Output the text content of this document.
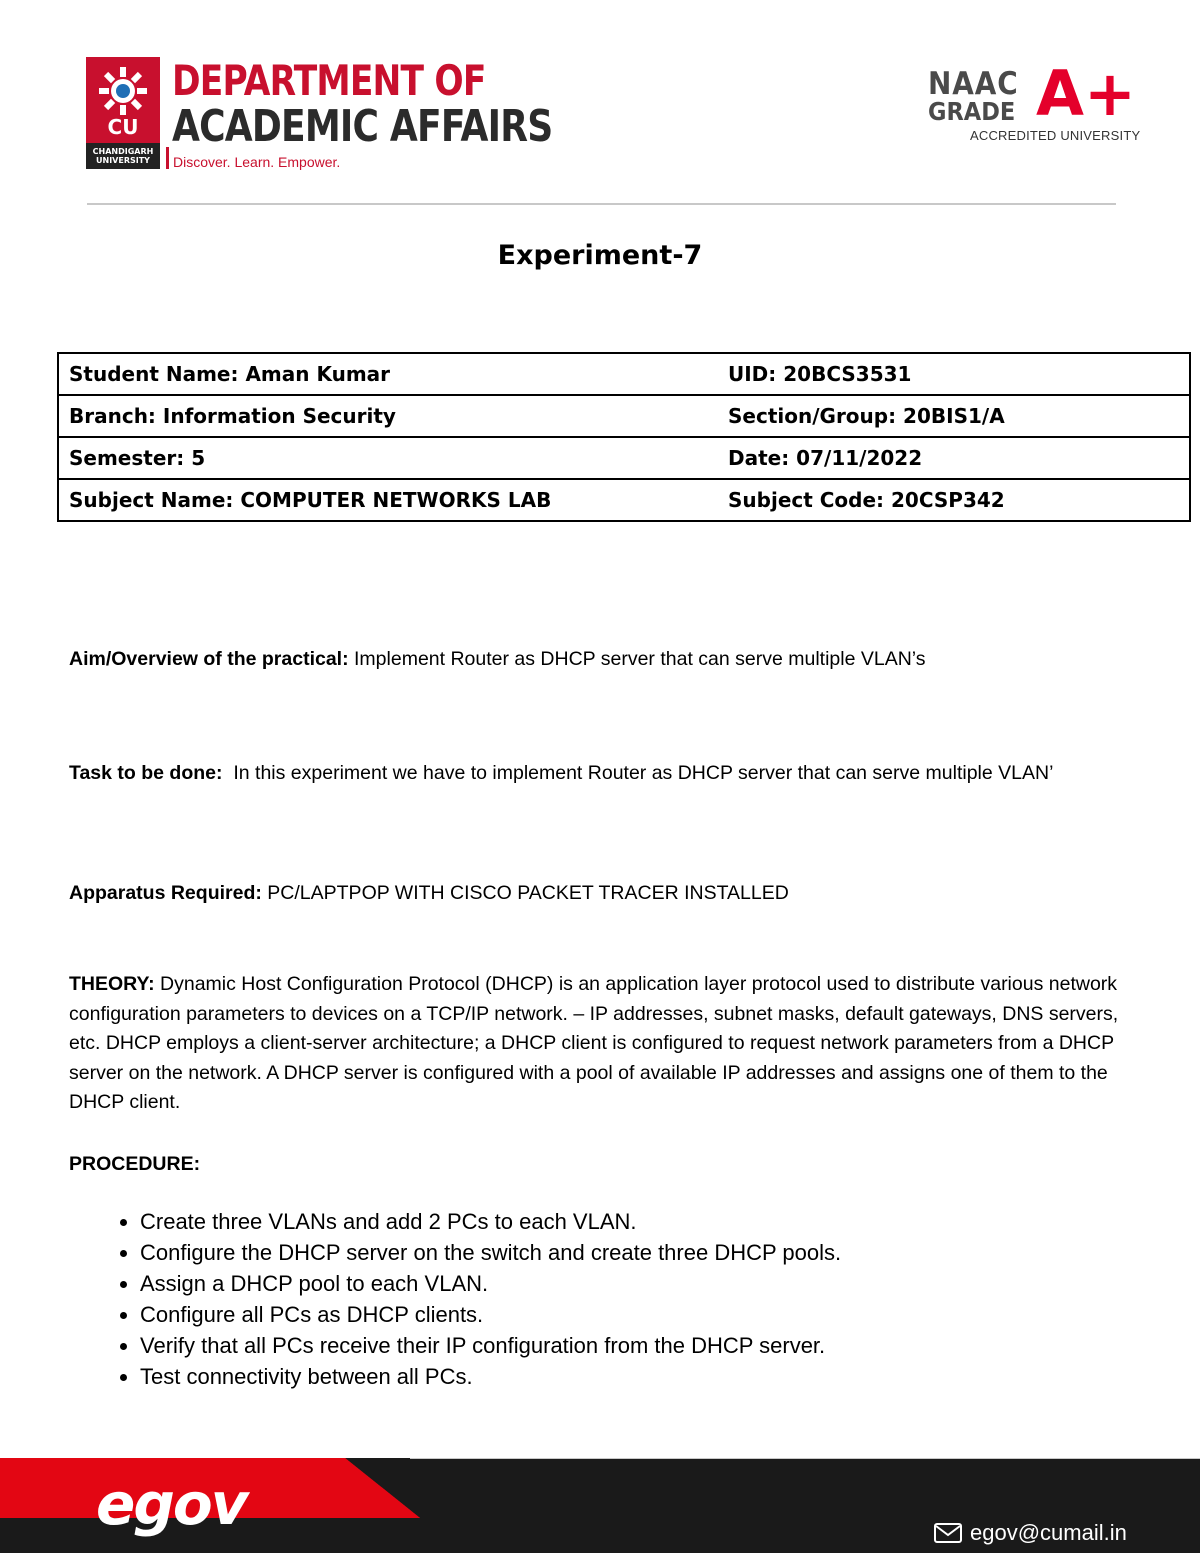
CU
CHANDIGARH UNIVERSITY
DEPARTMENT OF
ACADEMIC AFFAIRS
Discover. Learn. Empower.
NAAC
GRADE A+
ACCREDITED UNIVERSITY
Experiment-7
Student Name: Aman Kumar	UID: 20BCS3531
Branch: Information Security	Section/Group: 20BIS1/A
Semester: 5	Date: 07/11/2022
Subject Name: COMPUTER NETWORKS LAB	Subject Code: 20CSP342
Aim/Overview of the practical: Implement Router as DHCP server that can serve multiple VLAN’s
Task to be done: In this experiment we have to implement Router as DHCP server that can serve multiple VLAN’
Apparatus Required: PC/LAPTPOP WITH CISCO PACKET TRACER INSTALLED
THEORY: Dynamic Host Configuration Protocol (DHCP) is an application layer protocol used to distribute various network configuration parameters to devices on a TCP/IP network. – IP addresses, subnet masks, default gateways, DNS servers, etc. DHCP employs a client-server architecture; a DHCP client is configured to request network parameters from a DHCP server on the network. A DHCP server is configured with a pool of available IP addresses and assigns one of them to the DHCP client.
PROCEDURE:
• Create three VLANs and add 2 PCs to each VLAN.
• Configure the DHCP server on the switch and create three DHCP pools.
• Assign a DHCP pool to each VLAN.
• Configure all PCs as DHCP clients.
• Verify that all PCs receive their IP configuration from the DHCP server.
• Test connectivity between all PCs.
egov	egov@cumail.in
